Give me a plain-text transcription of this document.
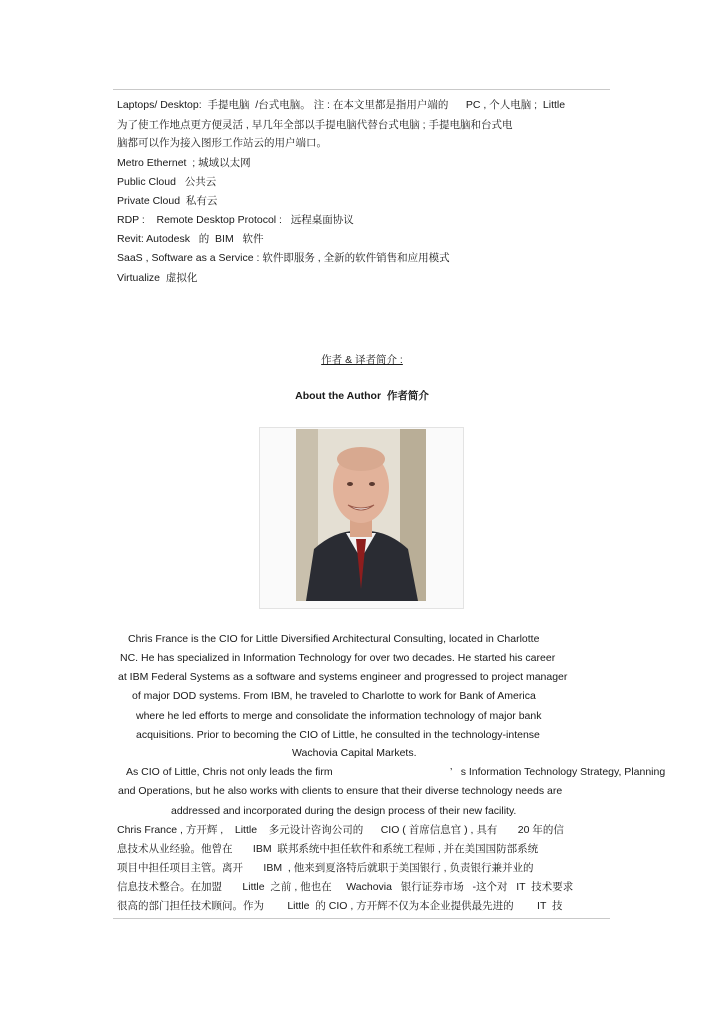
Laptops/ Desktop:  手提电脑  /台式电脑。 注 : 在本文里都是指用户端的      PC , 个人电脑 ;  Little
为了使工作地点更方便灵活 , 早几年全部以手提电脑代替台式电脑 ; 手提电脑和台式电
脑都可以作为接入图形工作站云的用户端口。
Metro Ethernet  ; 城域以太网
Public Cloud   公共云
Private Cloud  私有云
RDP :    Remote Desktop Protocol :   远程桌面协议
Revit: Autodesk   的  BIM   软件
SaaS , Software as a Service : 软件即服务 , 全新的软件销售和应用模式
Virtualize  虚拟化
作者 & 译者简介 :
About the Author  作者简介
Chris France is the CIO for Little Diversified Architectural Consulting, located in Charlotte
NC. He has specialized in Information Technology for over two decades. He started his career
at IBM Federal Systems as a software and systems engineer and progressed to project manager
of major DOD systems. From IBM, he traveled to Charlotte to work for Bank of America
where he led efforts to merge and consolidate the information technology of major bank
acquisitions. Prior to becoming the CIO of Little, he consulted in the technology-intense
Wachovia Capital Markets.
As CIO of Little, Chris not only leads the firm	’   s Information Technology Strategy, Planning
and Operations, but he also works with clients to ensure that their diverse technology needs are
addressed and incorporated during the design process of their new facility.
Chris France , 方开辉 ,    Little    多元设计咨询公司的      CIO ( 首席信息官 ) , 具有       20 年的信
息技术从业经验。他曾在       IBM  联邦系统中担任软件和系统工程师 , 并在美国国防部系统
项目中担任项目主管。离开       IBM  , 他来到夏洛特后就职于美国银行 , 负责银行兼并业的
信息技术整合。在加盟       Little  之前 , 他也在     Wachovia   银行证券市场   -这个对   IT  技术要求
很高的部门担任技术顾问。作为        Little  的 CIO , 方开辉不仅为本企业提供最先进的        IT  技
